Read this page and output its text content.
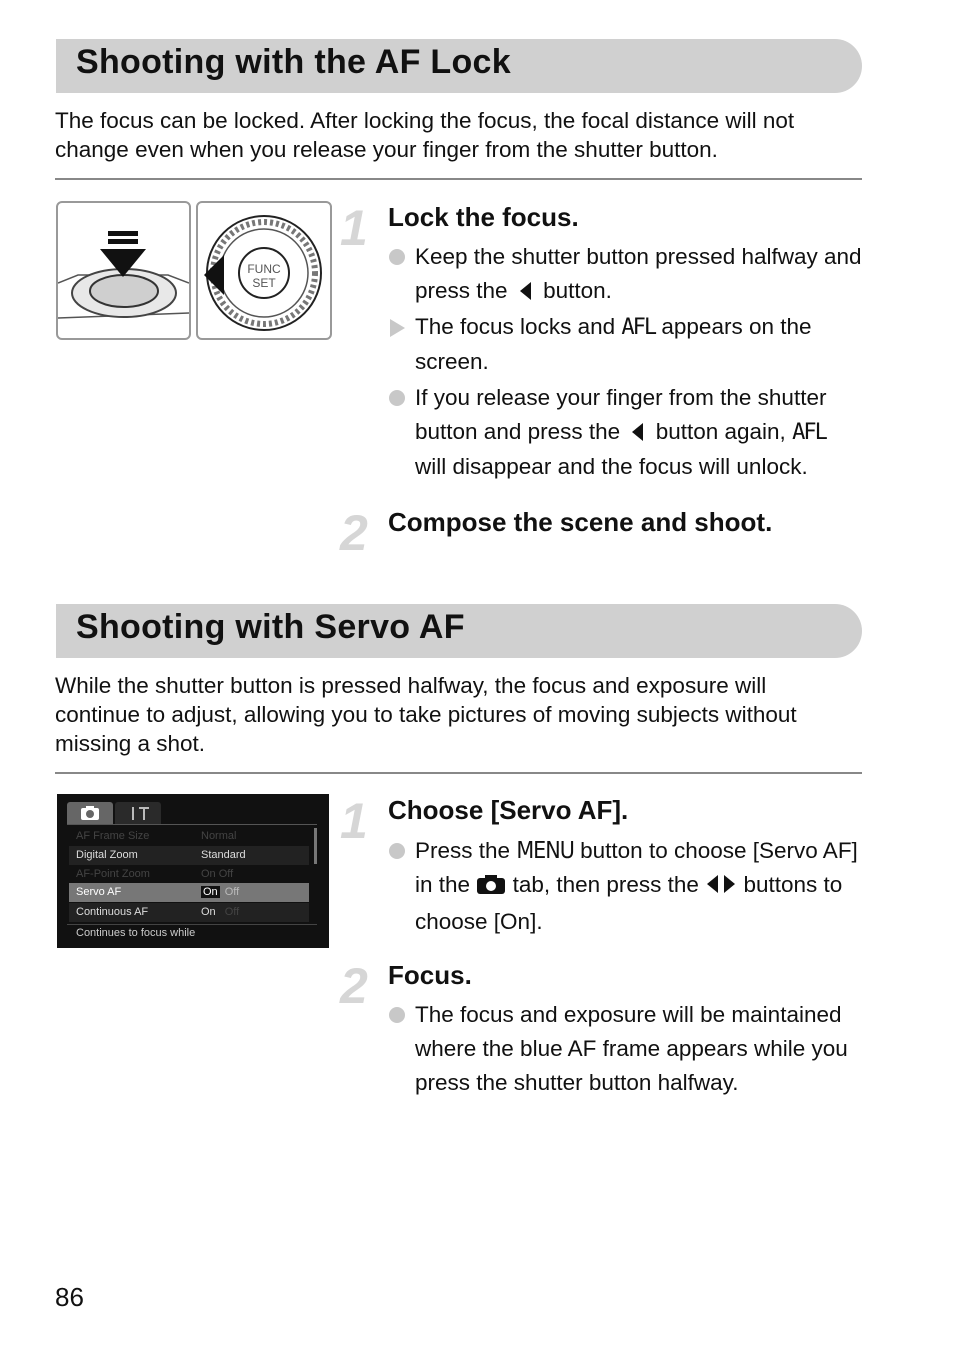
Shooting with the AF Lock

The focus can be locked. After locking the focus, the focal distance will not change even when you release your finger from the shutter button.

FUNC
SET
1 Lock the focus.
Keep the shutter button pressed halfway and press the button.
The focus locks and AFL appears on the screen.
If you release your finger from the shutter button and press the button again, AFL will disappear and the focus will unlock.
2 Compose the scene and shoot.
Shooting with Servo AF

While the shutter button is pressed halfway, the focus and exposure will continue to adjust, allowing you to take pictures of moving subjects without missing a shot.

AF Frame Size	Normal
Digital Zoom	Standard
AF-Point Zoom	On Off
Servo AF	On Off
Continuous AF	On Off
Continues to focus while
1 Choose [Servo AF].
Press the MENU button to choose [Servo AF] in the tab, then press the buttons to choose [On].
2 Focus.
The focus and exposure will be maintained where the blue AF frame appears while you press the shutter button halfway.
86
